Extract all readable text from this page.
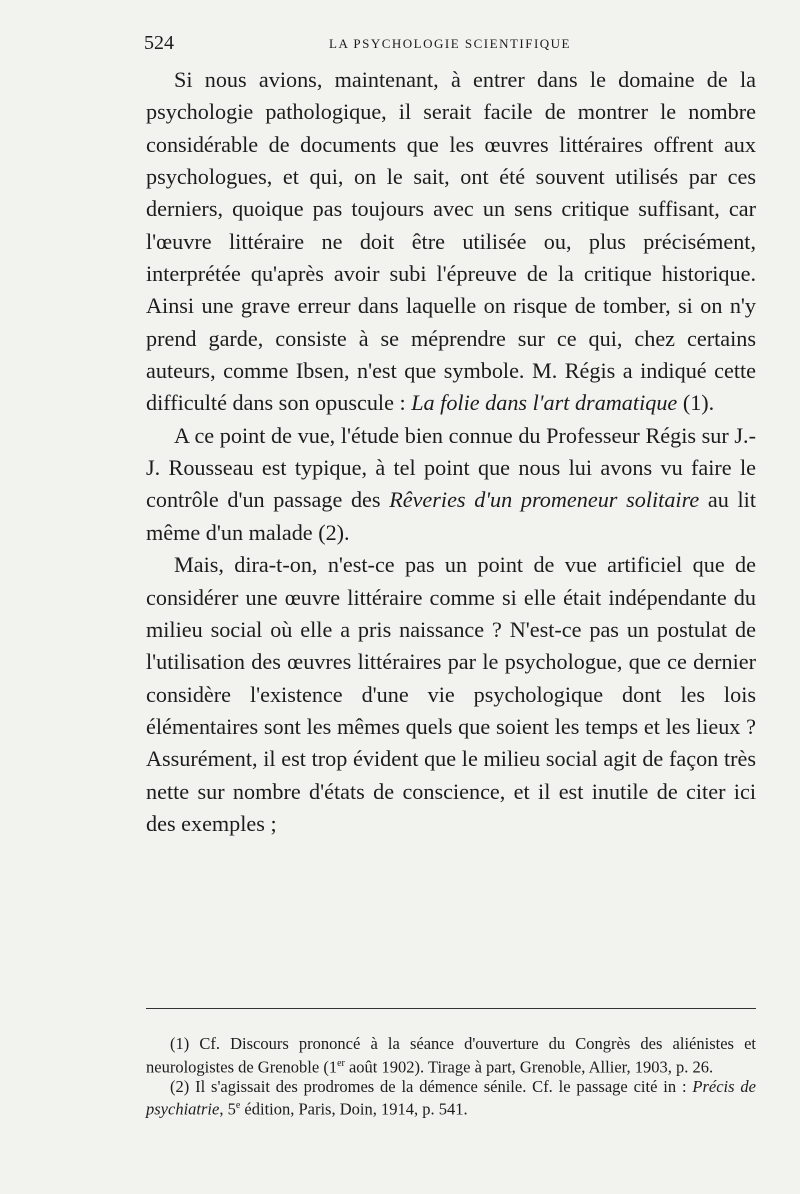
524	LA PSYCHOLOGIE SCIENTIFIQUE

Si nous avions, maintenant, à entrer dans le domaine de la psychologie pathologique, il serait facile de montrer le nombre considérable de documents que les œuvres littéraires offrent aux psychologues, et qui, on le sait, ont été souvent utilisés par ces derniers, quoique pas toujours avec un sens critique suffisant, car l'œuvre littéraire ne doit être utilisée ou, plus précisément, interprétée qu'après avoir subi l'épreuve de la critique historique. Ainsi une grave erreur dans laquelle on risque de tomber, si on n'y prend garde, consiste à se méprendre sur ce qui, chez certains auteurs, comme Ibsen, n'est que symbole. M. Régis a indiqué cette difficulté dans son opuscule : La folie dans l'art dramatique (1).

A ce point de vue, l'étude bien connue du Professeur Régis sur J.-J. Rousseau est typique, à tel point que nous lui avons vu faire le contrôle d'un passage des Rêveries d'un promeneur solitaire au lit même d'un malade (2).

Mais, dira-t-on, n'est-ce pas un point de vue artificiel que de considérer une œuvre littéraire comme si elle était indépendante du milieu social où elle a pris naissance ? N'est-ce pas un postulat de l'utilisation des œuvres littéraires par le psychologue, que ce dernier considère l'existence d'une vie psychologique dont les lois élémentaires sont les mêmes quels que soient les temps et les lieux ? Assurément, il est trop évident que le milieu social agit de façon très nette sur nombre d'états de conscience, et il est inutile de citer ici des exemples ;

(1) Cf. Discours prononcé à la séance d'ouverture du Congrès des aliénistes et neurologistes de Grenoble (1er août 1902). Tirage à part, Grenoble, Allier, 1903, p. 26.

(2) Il s'agissait des prodromes de la démence sénile. Cf. le passage cité in : Précis de psychiatrie, 5e édition, Paris, Doin, 1914, p. 541.
